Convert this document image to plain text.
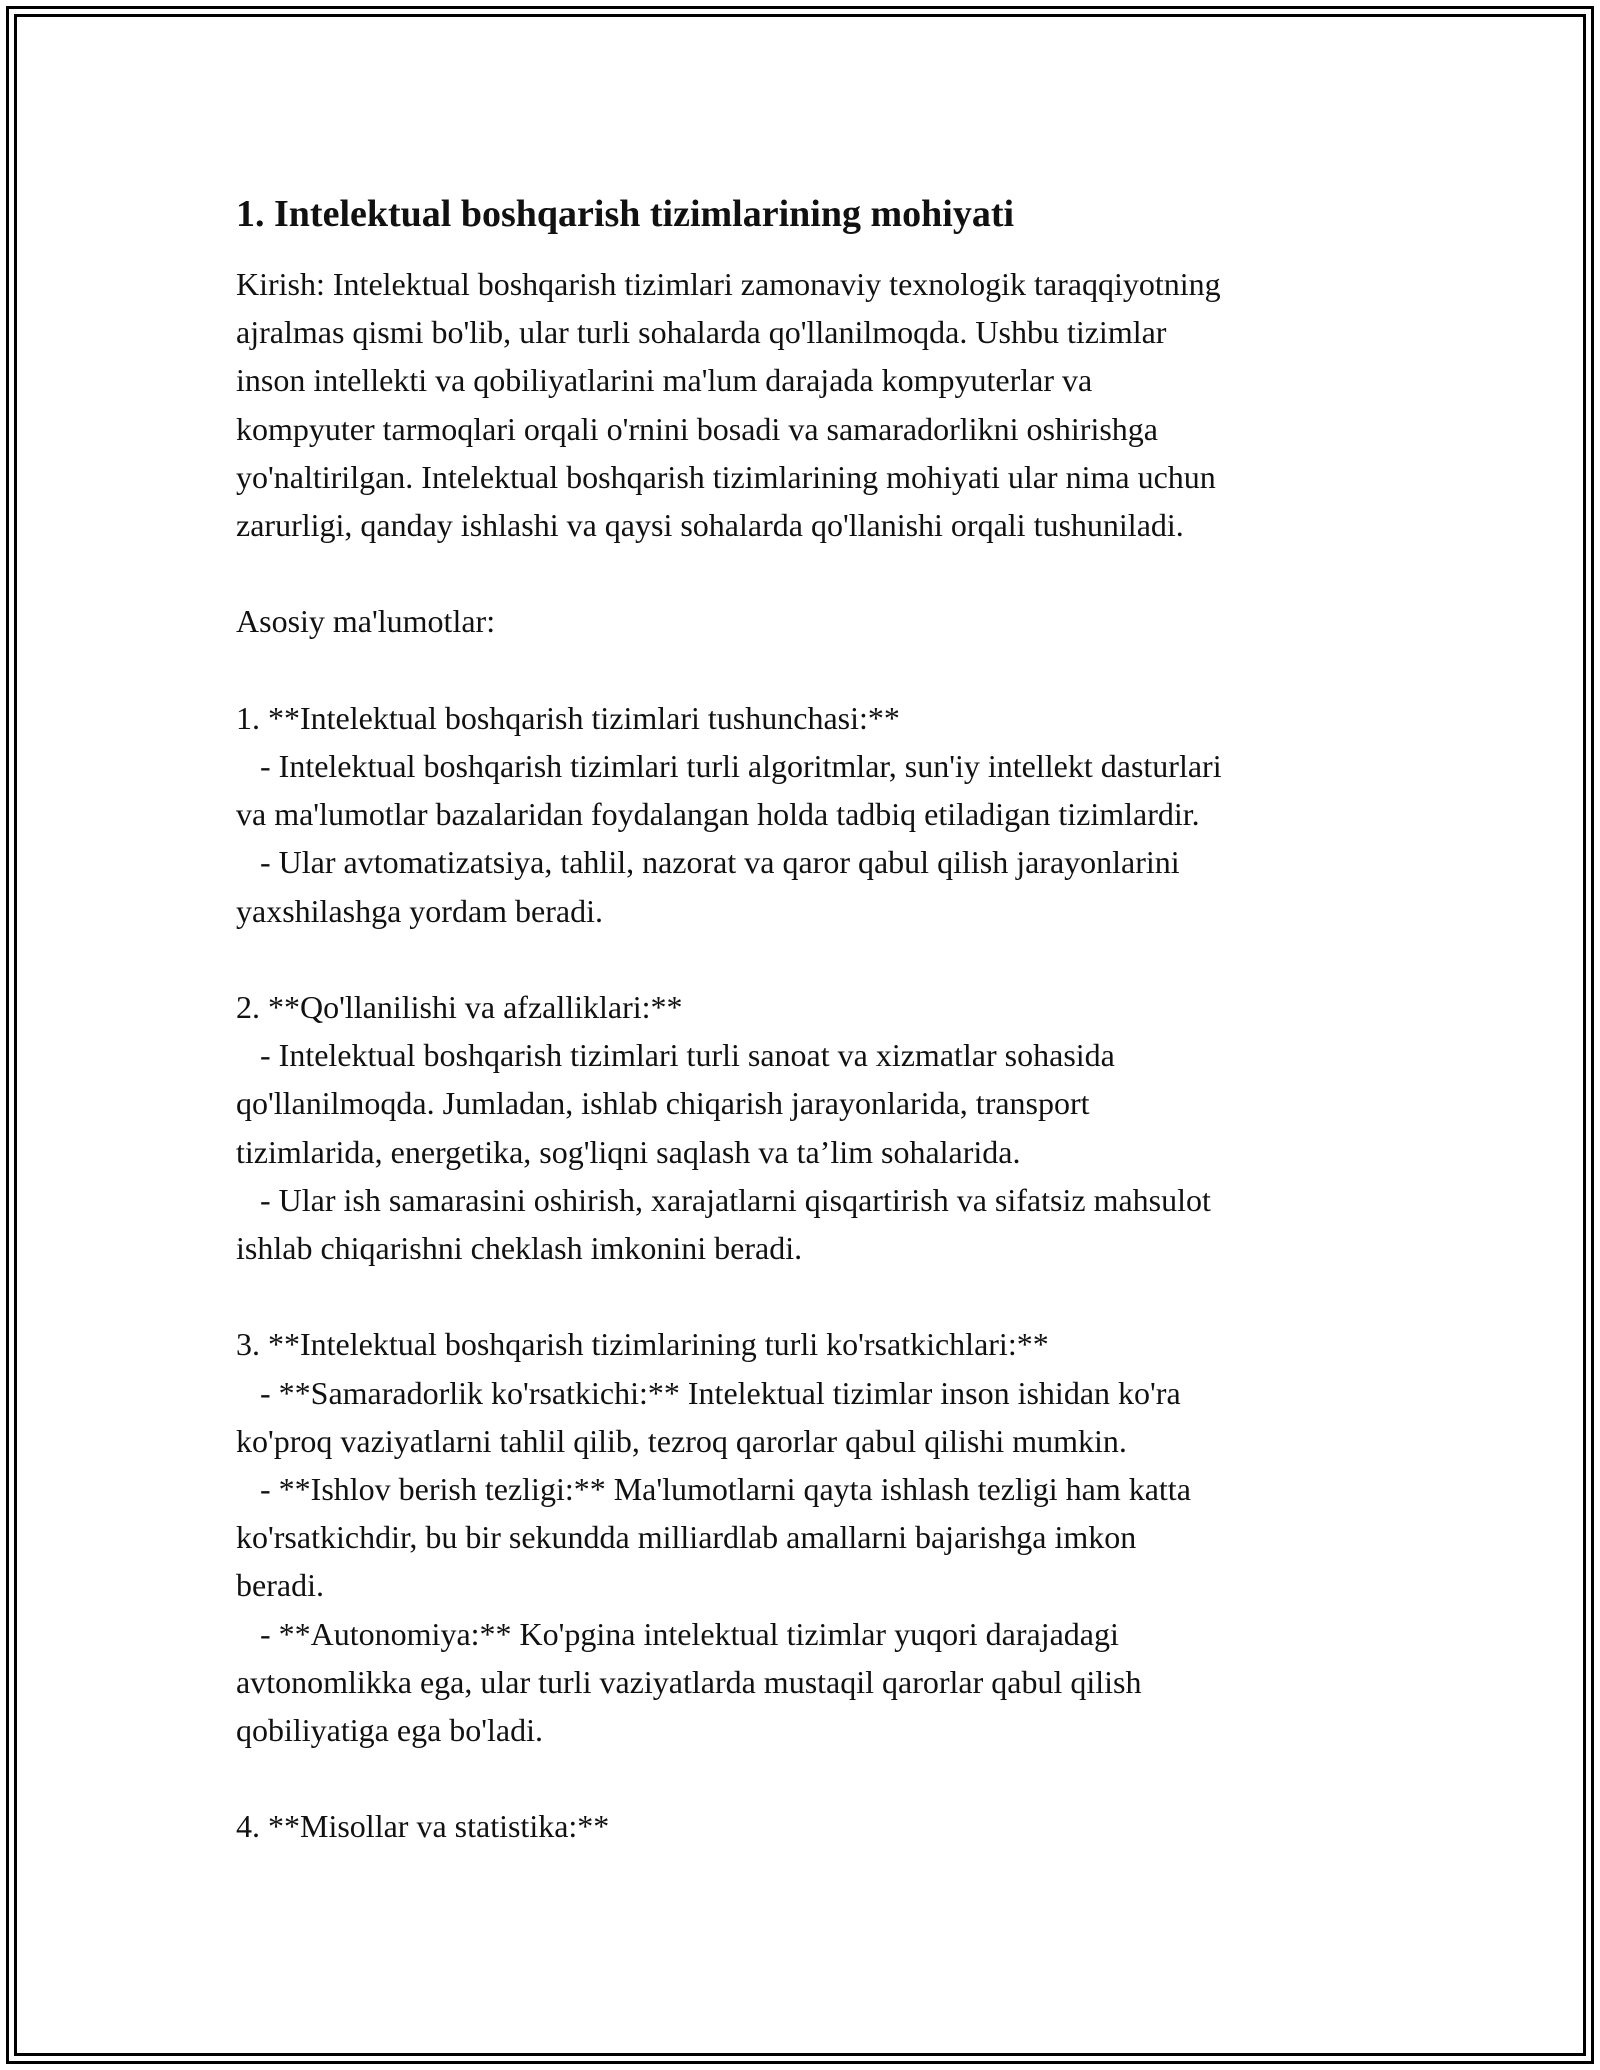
1. Intelektual boshqarish tizimlarining mohiyati
Kirish: Intelektual boshqarish tizimlari zamonaviy texnologik taraqqiyotning
ajralmas qismi bo'lib, ular turli sohalarda qo'llanilmoqda. Ushbu tizimlar
inson intellekti va qobiliyatlarini ma'lum darajada kompyuterlar va
kompyuter tarmoqlari orqali o'rnini bosadi va samaradorlikni oshirishga
yo'naltirilgan. Intelektual boshqarish tizimlarining mohiyati ular nima uchun
zarurligi, qanday ishlashi va qaysi sohalarda qo'llanishi orqali tushuniladi.
Asosiy ma'lumotlar:
1. **Intelektual boshqarish tizimlari tushunchasi:**
- Intelektual boshqarish tizimlari turli algoritmlar, sun'iy intellekt dasturlari
va ma'lumotlar bazalaridan foydalangan holda tadbiq etiladigan tizimlardir.
- Ular avtomatizatsiya, tahlil, nazorat va qaror qabul qilish jarayonlarini
yaxshilashga yordam beradi.
2. **Qo'llanilishi va afzalliklari:**
- Intelektual boshqarish tizimlari turli sanoat va xizmatlar sohasida
qo'llanilmoqda. Jumladan, ishlab chiqarish jarayonlarida, transport
tizimlarida, energetika, sog'liqni saqlash va ta’lim sohalarida.
- Ular ish samarasini oshirish, xarajatlarni qisqartirish va sifatsiz mahsulot
ishlab chiqarishni cheklash imkonini beradi.
3. **Intelektual boshqarish tizimlarining turli ko'rsatkichlari:**
- **Samaradorlik ko'rsatkichi:** Intelektual tizimlar inson ishidan ko'ra
ko'proq vaziyatlarni tahlil qilib, tezroq qarorlar qabul qilishi mumkin.
- **Ishlov berish tezligi:** Ma'lumotlarni qayta ishlash tezligi ham katta
ko'rsatkichdir, bu bir sekundda milliardlab amallarni bajarishga imkon
beradi.
- **Autonomiya:** Ko'pgina intelektual tizimlar yuqori darajadagi
avtonomlikka ega, ular turli vaziyatlarda mustaqil qarorlar qabul qilish
qobiliyatiga ega bo'ladi.
4. **Misollar va statistika:**
